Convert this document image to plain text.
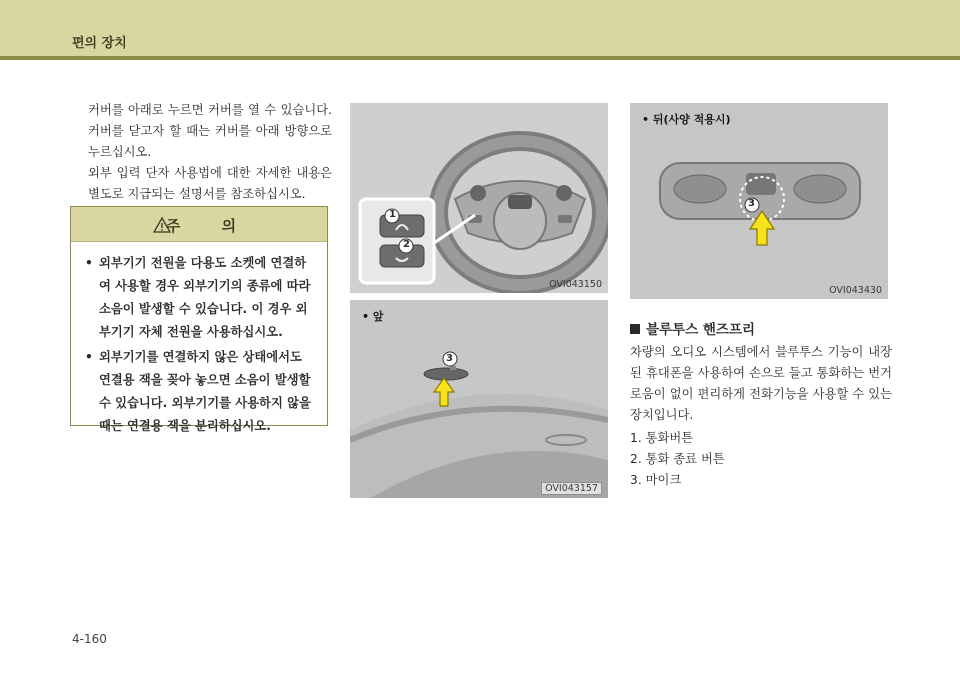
편의 장치

커버를 아래로 누르면 커버를 열 수 있습니다. 커버를 닫고자 할 때는 커버를 아래 방향으로 누르십시오.

외부 입력 단자 사용법에 대한 자세한 내용은 별도로 지급되는 설명서를 참조하십시오.

주 의
• 외부기기 전원을 다용도 소켓에 연결하여 사용할 경우 외부기기의 종류에 따라 소음이 발생할 수 있습니다. 이 경우 외부기기 자체 전원을 사용하십시오.
• 외부기기를 연결하지 않은 상태에서도 연결용 잭을 꽂아 놓으면 소음이 발생할 수 있습니다. 외부기기를 사용하지 않을 때는 연결용 잭을 분리하십시오.
1
2
OVI043150
• 앞
3
OVI043157
• 뒤(사양 적용시)
3
OVI043430
블루투스 핸즈프리

차량의 오디오 시스템에서 블루투스 기능이 내장된 휴대폰을 사용하여 손으로 들고 통화하는 번거로움이 없이 편리하게 전화기능을 사용할 수 있는 장치입니다.

1. 통화버튼
2. 통화 종료 버튼
3. 마이크
4-160
